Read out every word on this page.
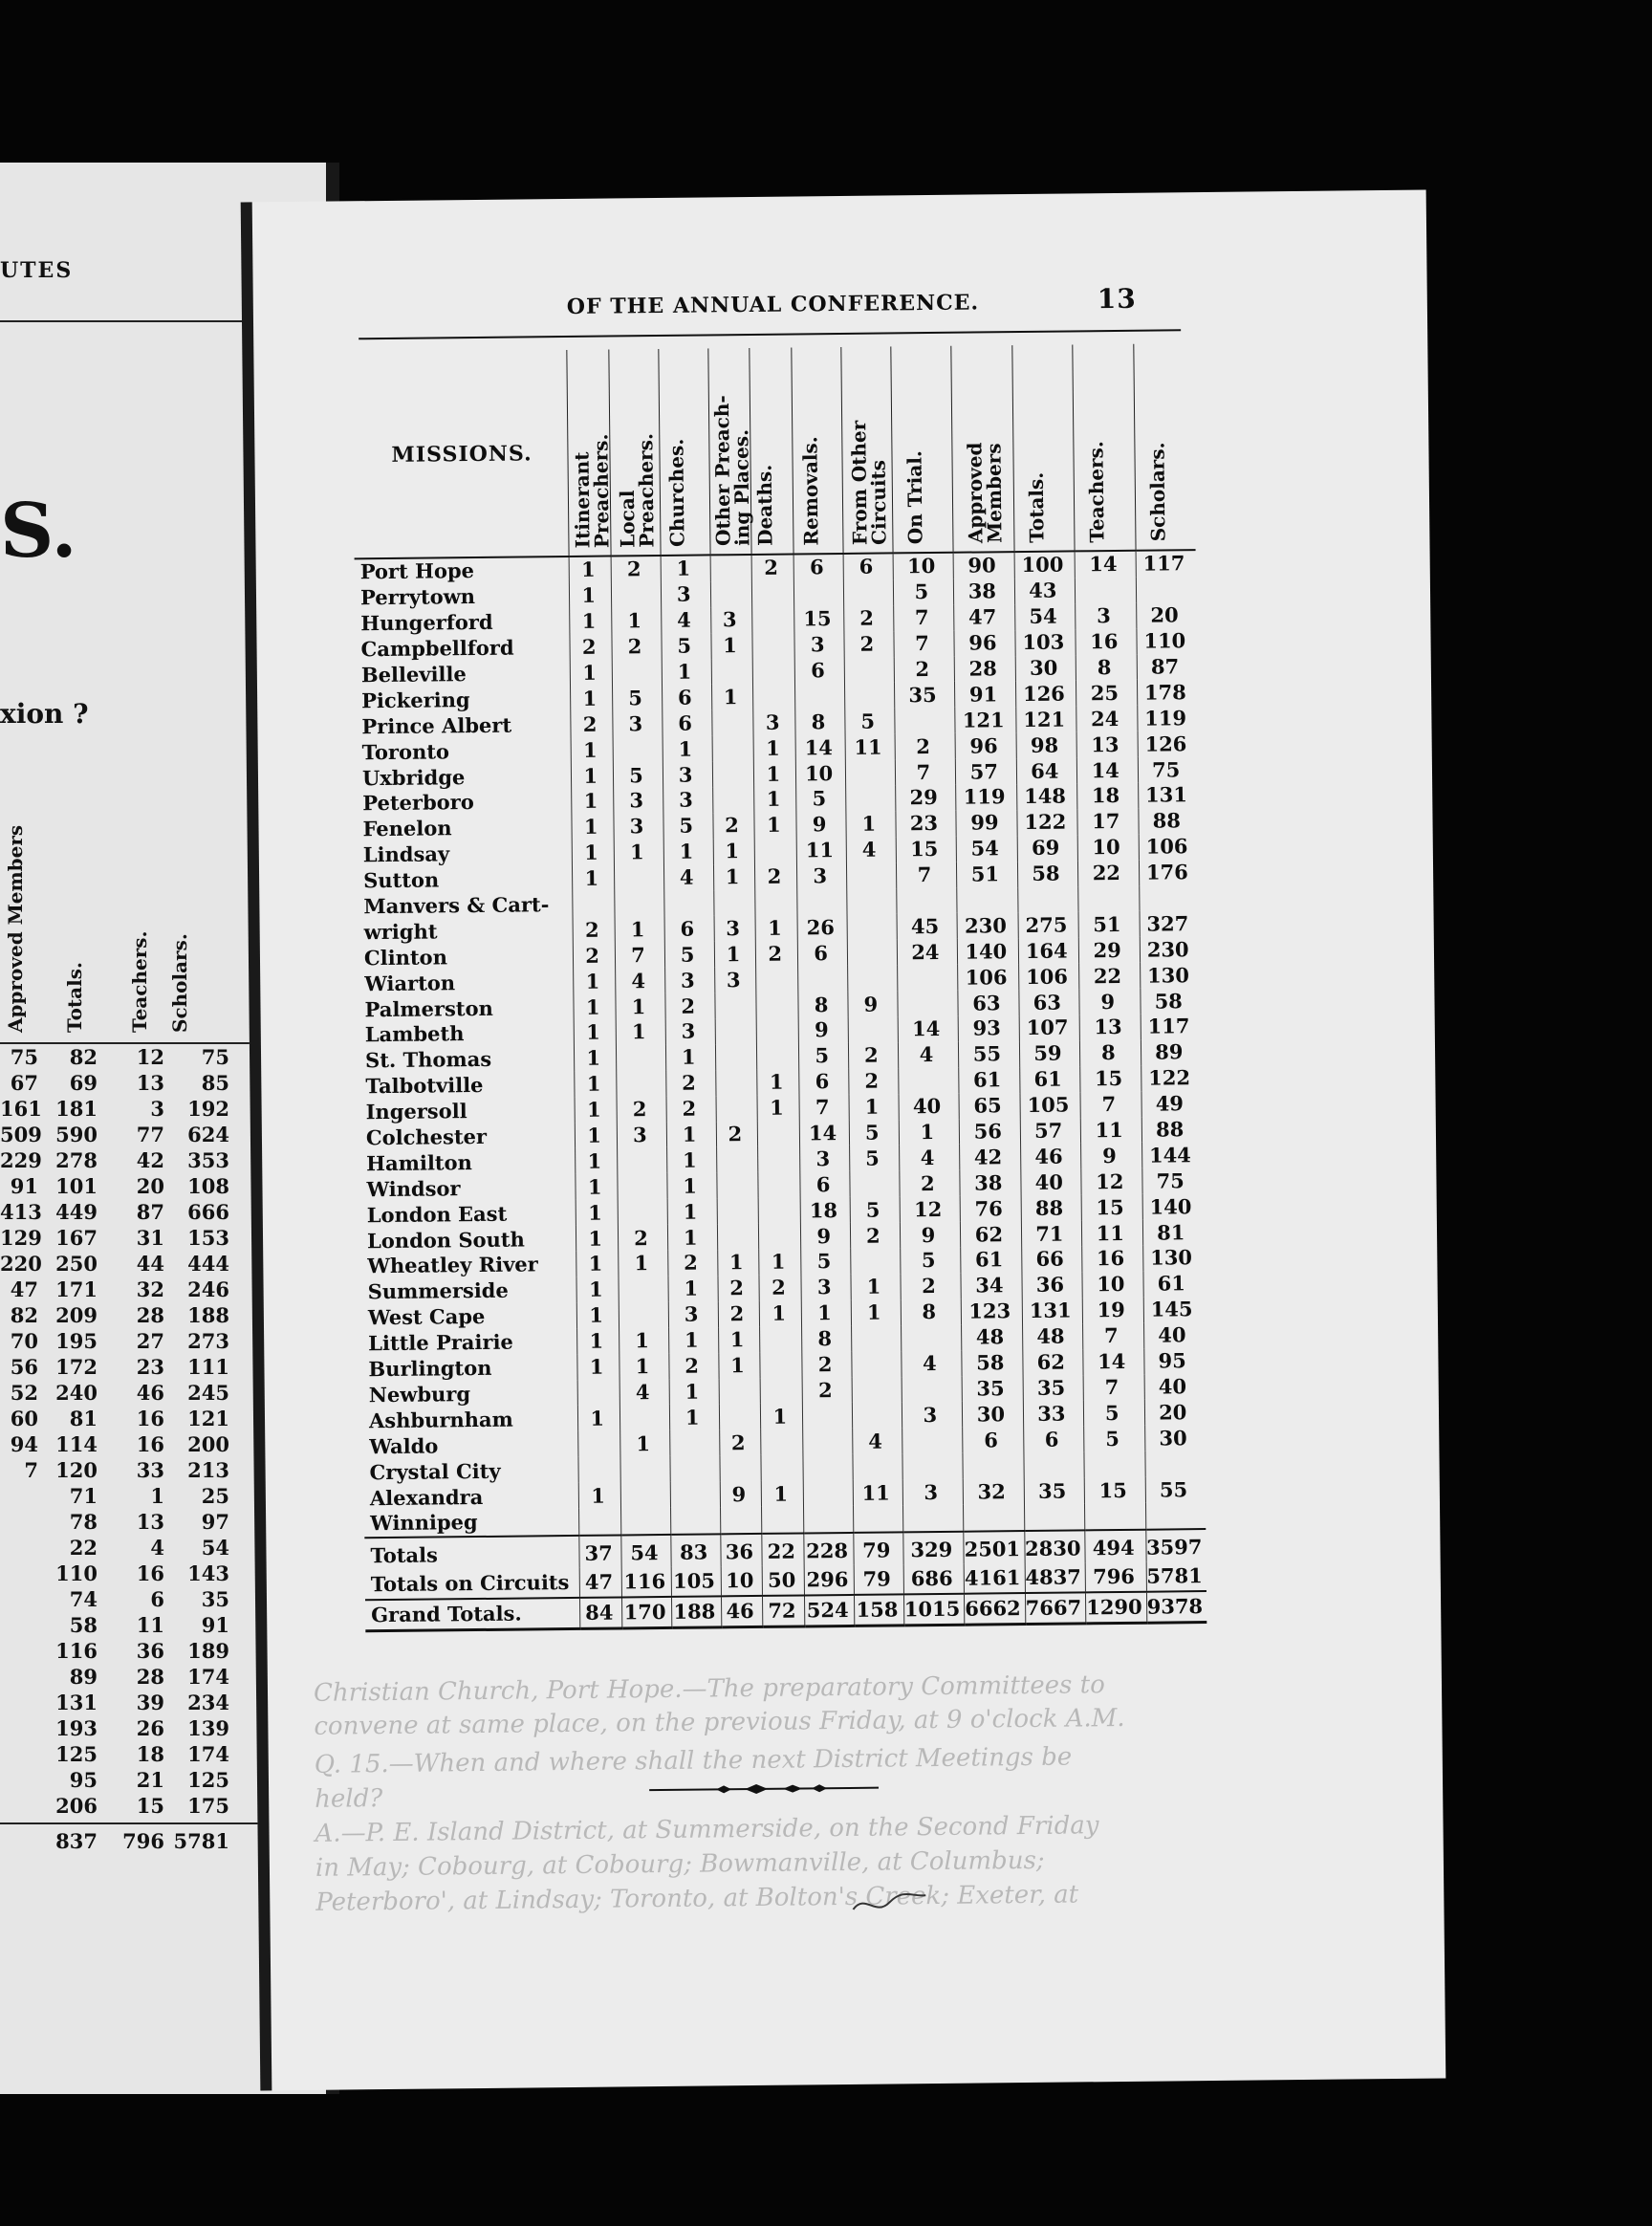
UTES
S.
xion ?
Approved Members Totals. Teachers. Scholars.
75	82	12	75
67	69	13	85
161 181	3	192
509 590	77	624
229 278	42	353
91 101	20	108
413 449	87	666
129 167	31	153
220 250	44	444
47 171	32	246
82 209	28	188
70 195	27	273
56 172	23	111
52 240	46	245
60	81	16	121
94 114	16	200
7 120	33	213
71	1	25
78	13	97
22	4	54
110	16	143
74	6	35
58	11	91
116	36	189
89	28	174
131	39	234
193	26	139
125	18	174
95	21	125
206	15	175
837	796 5781

Christian Church, Port Hope.—The preparatory Committees to

convene at same place, on the previous Friday, at 9 o'clock A.M.

Q. 15.—When and where shall the next District Meetings be

held?

A.—P. E. Island District, at Summerside, on the Second Friday

in May; Cobourg, at Cobourg; Bowmanville, at Columbus;

Peterboro', at Lindsay; Toronto, at Bolton's Creek; Exeter, at

OF THE ANNUAL CONFERENCE.	13
MISSIONS.	Itinerant
Preachers.	Local
Preachers.	Churches.	Other Preach-
ing Places.	Deaths.	Removals.	From Other
Circuits	On Trial.	Approved
Members	Totals.	Teachers.	Scholars.

Port Hope	1	2	1		2	6	6	10	90	100	14	117
Perrytown	1		3					5	38	43		
Hungerford	1	1	4	3		15	2	7	47	54	3	20
Campbellford	2	2	5	1		3	2	7	96	103	16	110
Belleville	1		1			6		2	28	30	8	87
Pickering	1	5	6	1				35	91	126	25	178
Prince Albert	2	3	6		3	8	5		121	121	24	119
Toronto	1		1		1	14	11	2	96	98	13	126
Uxbridge	1	5	3		1	10		7	57	64	14	75
Peterboro	1	3	3		1	5		29	119	148	18	131
Fenelon	1	3	5	2	1	9	1	23	99	122	17	88
Lindsay	1	1	1	1		11	4	15	54	69	10	106
Sutton	1		4	1	2	3		7	51	58	22	176
Manvers & Cart-												
wright	2	1	6	3	1	26		45	230	275	51	327
Clinton	2	7	5	1	2	6		24	140	164	29	230
Wiarton	1	4	3	3					106	106	22	130
Palmerston	1	1	2			8	9		63	63	9	58
Lambeth	1	1	3			9		14	93	107	13	117
St. Thomas	1		1			5	2	4	55	59	8	89
Talbotville	1		2		1	6	2		61	61	15	122
Ingersoll	1	2	2		1	7	1	40	65	105	7	49
Colchester	1	3	1	2		14	5	1	56	57	11	88
Hamilton	1		1			3	5	4	42	46	9	144
Windsor	1		1			6		2	38	40	12	75
London East	1		1			18	5	12	76	88	15	140
London South	1	2	1			9	2	9	62	71	11	81
Wheatley River	1	1	2	1	1	5		5	61	66	16	130
Summerside	1		1	2	2	3	1	2	34	36	10	61
West Cape	1		3	2	1	1	1	8	123	131	19	145
Little Prairie	1	1	1	1		8			48	48	7	40
Burlington	1	1	2	1		2		4	58	62	14	95
Newburg		4	1			2			35	35	7	40
Ashburnham	1		1		1			3	30	33	5	20
Waldo		1		2			4		6	6	5	30
Crystal City												
Alexandra	1			9	1		11	3	32	35	15	55
Winnipeg												
Totals	37	54	83	36	22	228	79	329	2501	2830	494	3597
Totals on Circuits	47	116	105	10	50	296	79	686	4161	4837	796	5781
Grand Totals.	84	170	188	46	72	524	158	1015	6662	7667	1290	9378
